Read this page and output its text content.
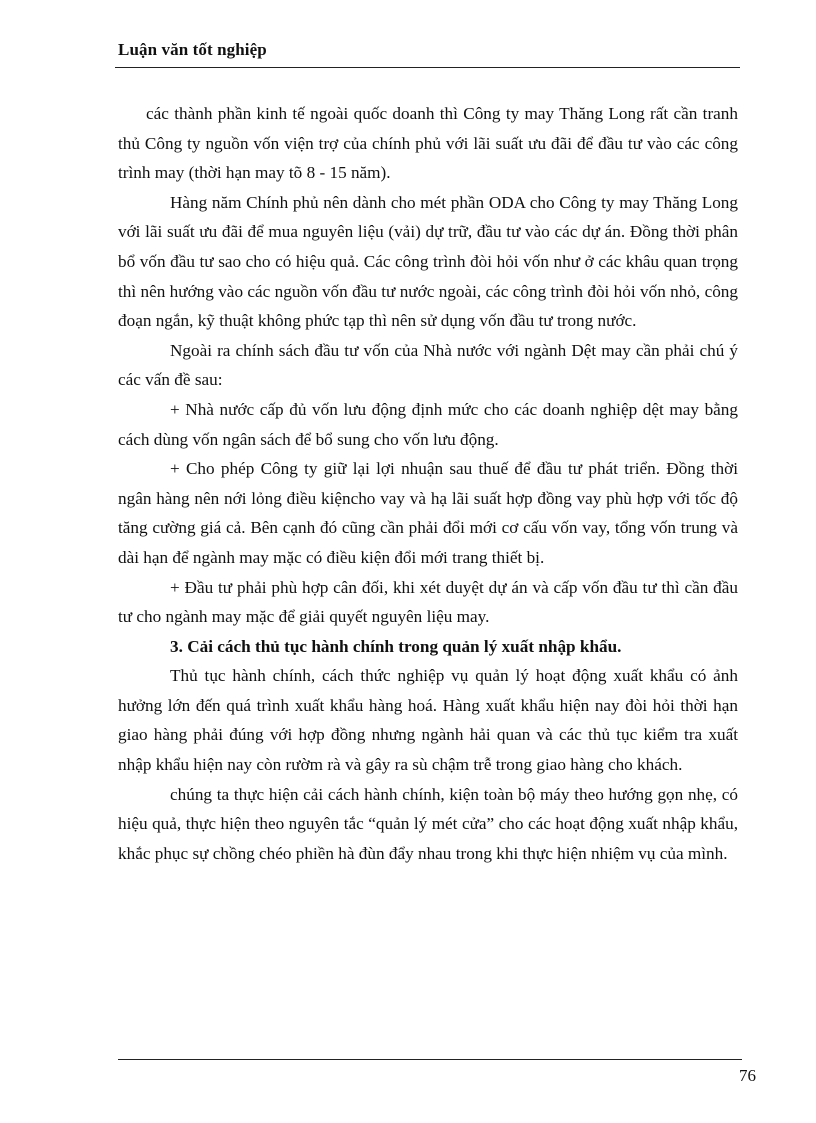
Luận văn tốt nghiệp

các thành phần kinh tế ngoài quốc doanh thì Công ty may Thăng Long rất cần tranh thủ Công ty nguồn vốn viện trợ của chính phủ với lãi suất ưu đãi để đầu tư vào các công trình may (thời hạn may tõ 8 - 15 năm).

Hàng năm Chính phủ nên dành cho mét phần ODA cho Công ty may Thăng Long với lãi suất ưu đãi để mua nguyên liệu (vải) dự trữ, đầu tư vào các dự án. Đồng thời phân bổ vốn đầu tư sao cho có hiệu quả. Các công trình đòi hỏi vốn như ở các khâu quan trọng thì nên hướng vào các nguồn vốn đầu tư nước ngoài, các công trình đòi hỏi vốn nhỏ, công đoạn ngắn, kỹ thuật không phức tạp thì nên sử dụng vốn đầu tư trong nước.

Ngoài ra chính sách đầu tư vốn của Nhà nước với ngành Dệt may cần phải chú ý các vấn đề sau:

+ Nhà nước cấp đủ vốn lưu động định mức cho các doanh nghiệp dệt may bằng cách dùng vốn ngân sách để bổ sung cho vốn lưu động.

+ Cho phép Công ty giữ lại lợi nhuận sau thuế để đầu tư phát triển. Đồng thời ngân hàng nên nới lỏng điều kiệncho vay và hạ lãi suất hợp đồng vay phù hợp với tốc độ tăng cường giá cả. Bên cạnh đó cũng cần phải đổi mới cơ cấu vốn vay, tổng vốn trung và dài hạn để ngành may mặc có điều kiện đổi mới trang thiết bị.

+ Đầu tư phải phù hợp cân đối, khi xét duyệt dự án và cấp vốn đầu tư thì cần đầu tư cho ngành may mặc để giải quyết nguyên liệu may.

3. Cải cách thủ tục hành chính trong quản lý xuất nhập khẩu.

Thủ tục hành chính, cách thức nghiệp vụ quản lý hoạt động xuất khẩu có ảnh hưởng lớn đến quá trình xuất khẩu hàng hoá. Hàng xuất khẩu hiện nay đòi hỏi thời hạn giao hàng phải đúng với hợp đồng nhưng ngành hải quan và các thủ tục kiểm tra xuất nhập khẩu hiện nay còn rườm rà và gây ra sù chậm trễ trong giao hàng cho khách.

chúng ta thực hiện cải cách hành chính, kiện toàn bộ máy theo hướng gọn nhẹ, có hiệu quả, thực hiện theo nguyên tắc “quản lý mét cửa” cho các hoạt động xuất nhập khẩu, khắc phục sự chồng chéo phiền hà đùn đẩy nhau trong khi thực hiện nhiệm vụ của mình.

76
